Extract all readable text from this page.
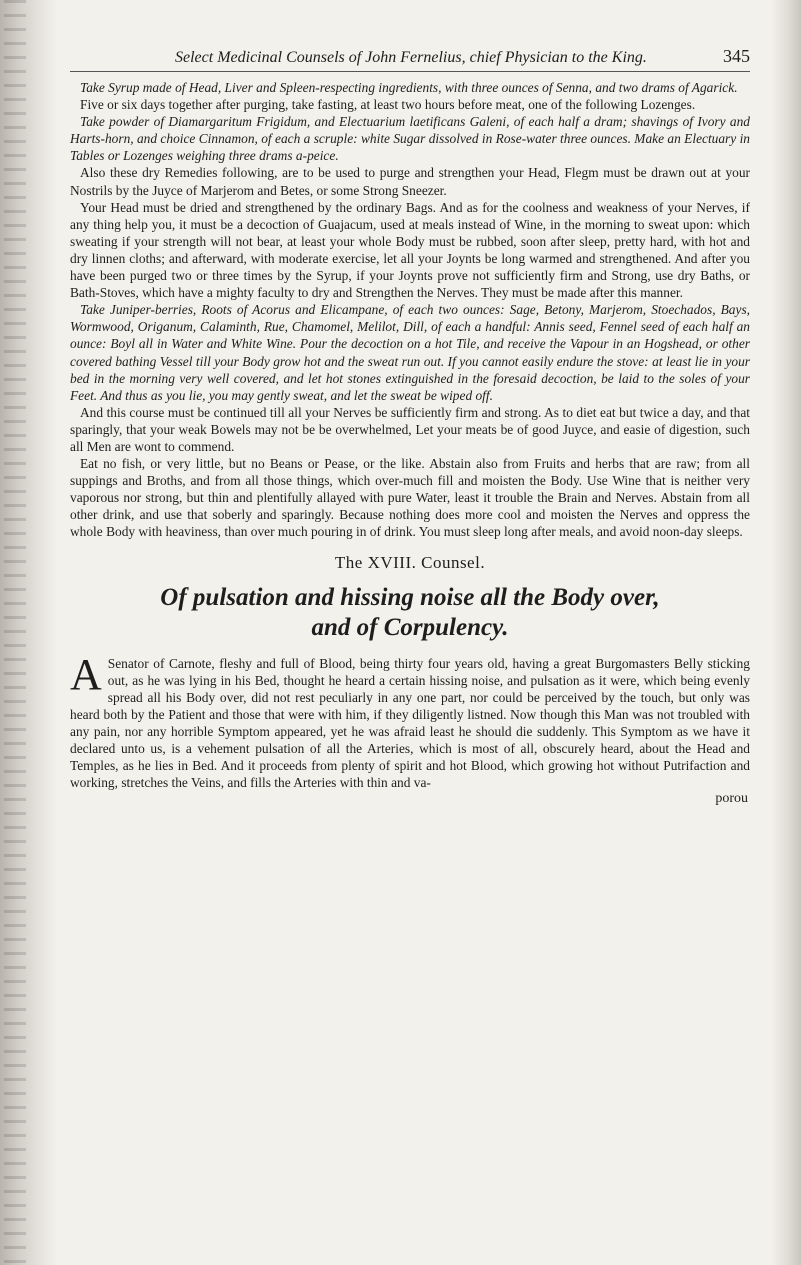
Select Medicinal Counsels of John Fernelius, chief Physician to the King.	345

Take Syrup made of Head, Liver and Spleen-respecting ingredients, with three ounces of Senna, and two drams of Agarick.

Five or six days together after purging, take fasting, at least two hours before meat, one of the following Lozenges.

Take powder of Diamargaritum Frigidum, and Electuarium laetificans Galeni, of each half a dram; shavings of Ivory and Harts-horn, and choice Cinnamon, of each a scruple: white Sugar dissolved in Rose-water three ounces. Make an Electuary in Tables or Lozenges weighing three drams a-peice.

Also these dry Remedies following, are to be used to purge and strengthen your Head, Flegm must be drawn out at your Nostrils by the Juyce of Marjerom and Betes, or some Strong Sneezer.

Your Head must be dried and strengthened by the ordinary Bags. And as for the coolness and weakness of your Nerves, if any thing help you, it must be a decoction of Guajacum, used at meals instead of Wine, in the morning to sweat upon: which sweating if your strength will not bear, at least your whole Body must be rubbed, soon after sleep, pretty hard, with hot and dry linnen cloths; and afterward, with moderate exercise, let all your Joynts be long warmed and strengthened. And after you have been purged two or three times by the Syrup, if your Joynts prove not sufficiently firm and Strong, use dry Baths, or Bath-Stoves, which have a mighty faculty to dry and Strengthen the Nerves. They must be made after this manner.

Take Juniper-berries, Roots of Acorus and Elicampane, of each two ounces: Sage, Betony, Marjerom, Stoechados, Bays, Wormwood, Origanum, Calaminth, Rue, Chamomel, Melilot, Dill, of each a handful: Annis seed, Fennel seed of each half an ounce: Boyl all in Water and White Wine. Pour the decoction on a hot Tile, and receive the Vapour in an Hogshead, or other covered bathing Vessel till your Body grow hot and the sweat run out. If you cannot easily endure the stove: at least lie in your bed in the morning very well covered, and let hot stones extinguished in the foresaid decoction, be laid to the soles of your Feet. And thus as you lie, you may gently sweat, and let the sweat be wiped off.

And this course must be continued till all your Nerves be sufficiently firm and strong. As to diet eat but twice a day, and that sparingly, that your weak Bowels may not be be overwhelmed, Let your meats be of good Juyce, and easie of digestion, such all Men are wont to commend.

Eat no fish, or very little, but no Beans or Pease, or the like. Abstain also from Fruits and herbs that are raw; from all suppings and Broths, and from all those things, which over-much fill and moisten the Body. Use Wine that is neither very vaporous nor strong, but thin and plentifully allayed with pure Water, least it trouble the Brain and Nerves. Abstain from all other drink, and use that soberly and sparingly. Because nothing does more cool and moisten the Nerves and oppress the whole Body with heaviness, than over much pouring in of drink. You must sleep long after meals, and avoid noon-day sleeps.

The XVIII. Counsel.
Of pulsation and hissing noise all the Body over,
and of Corpulency.

A Senator of Carnote, fleshy and full of Blood, being thirty four years old, having a great Burgomasters Belly sticking out, as he was lying in his Bed, thought he heard a certain hissing noise, and pulsation as it were, which being evenly spread all his Body over, did not rest peculiarly in any one part, nor could be perceived by the touch, but only was heard both by the Patient and those that were with him, if they diligently listned. Now though this Man was not troubled with any pain, nor any horrible Symptom appeared, yet he was afraid least he should die suddenly. This Symptom as we have it declared unto us, is a vehement pulsation of all the Arteries, which is most of all, obscurely heard, about the Head and Temples, as he lies in Bed. And it proceeds from plenty of spirit and hot Blood, which growing hot without Putrifaction and working, stretches the Veins, and fills the Arteries with thin and va-

porou
